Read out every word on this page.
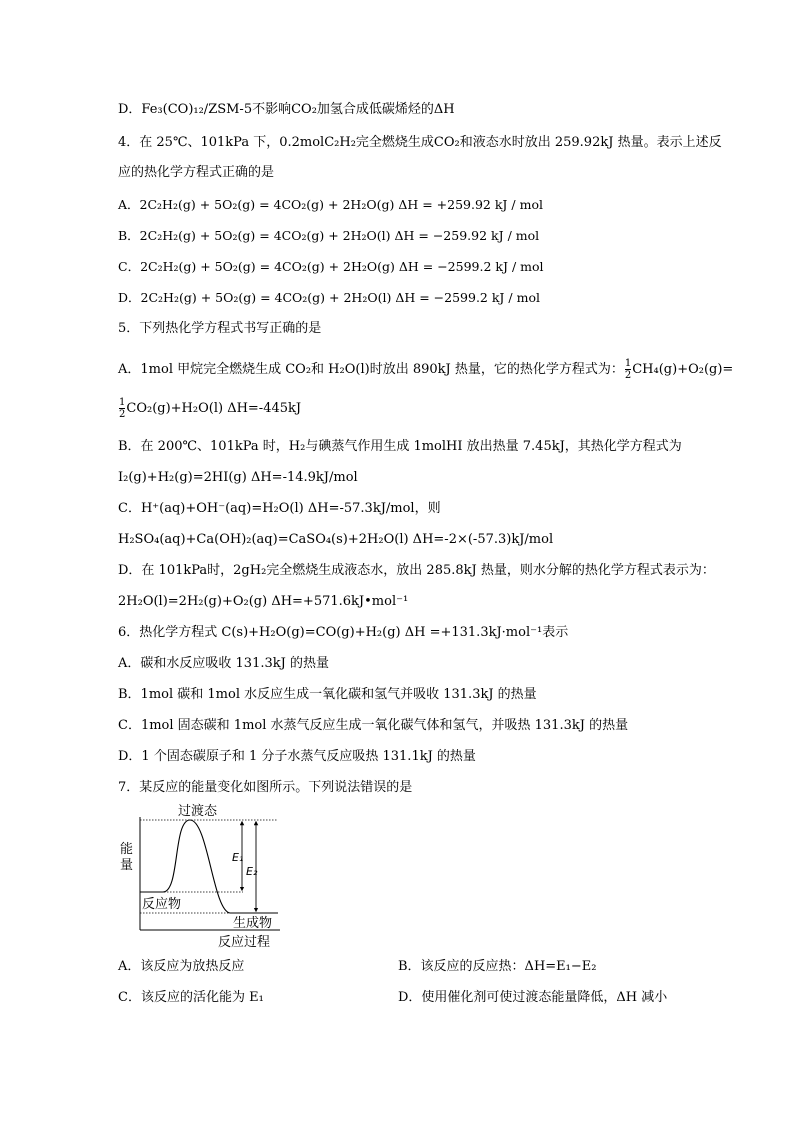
D．Fe₃(CO)₁₂/ZSM-5不影响CO₂加氢合成低碳烯烃的ΔH
4．在 25℃、101kPa 下，0.2molC₂H₂完全燃烧生成CO₂和液态水时放出 259.92kJ 热量。表示上述反
应的热化学方程式正确的是
A．2C₂H₂(g) + 5O₂(g) = 4CO₂(g) + 2H₂O(g) ΔH = +259.92 kJ / mol
B．2C₂H₂(g) + 5O₂(g) = 4CO₂(g) + 2H₂O(l) ΔH = −259.92 kJ / mol
C．2C₂H₂(g) + 5O₂(g) = 4CO₂(g) + 2H₂O(g) ΔH = −2599.2 kJ / mol
D．2C₂H₂(g) + 5O₂(g) = 4CO₂(g) + 2H₂O(l) ΔH = −2599.2 kJ / mol
5．下列热化学方程式书写正确的是
A．1mol 甲烷完全燃烧生成 CO₂和 H₂O(l)时放出 890kJ 热量，它的热化学方程式为： $\frac{1}{2} CH_4(g)+O_2(g)=$
$\frac{1}{2} CO_2(g)+H_2O(l)$ ΔH=-445kJ
B．在 200℃、101kPa 时，H₂与碘蒸气作用生成 1molHI 放出热量 7.45kJ，其热化学方程式为
I₂(g)+H₂(g)=2HI(g) ΔH=-14.9kJ/mol
C．H⁺(aq)+OH⁻(aq)=H₂O(l) ΔH=-57.3kJ/mol，则
H₂SO₄(aq)+Ca(OH)₂(aq)=CaSO₄(s)+2H₂O(l) ΔH=-2×(-57.3)kJ/mol
D．在 101kPa时，2gH₂完全燃烧生成液态水，放出 285.8kJ 热量，则水分解的热化学方程式表示为：
2H₂O(l)=2H₂(g)+O₂(g) ΔH=+571.6kJ•mol⁻¹
6．热化学方程式 C(s)+H₂O(g)=CO(g)+H₂(g) ΔH =+131.3kJ·mol⁻¹表示
A．碳和水反应吸收 131.3kJ 的热量
B．1mol 碳和 1mol 水反应生成一氧化碳和氢气并吸收 131.3kJ 的热量
C．1mol 固态碳和 1mol 水蒸气反应生成一氧化碳气体和氢气，并吸热 131.3kJ 的热量
D．1 个固态碳原子和 1 分子水蒸气反应吸热 131.1kJ 的热量
7．某反应的能量变化如图所示。下列说法错误的是
能
量
过渡态
反应物
生成物
反应过程
E₁
E₂
A．该反应为放热反应	B．该反应的反应热：ΔH=E₁−E₂
C．该反应的活化能为 E₁	D．使用催化剂可使过渡态能量降低，ΔH 减小
